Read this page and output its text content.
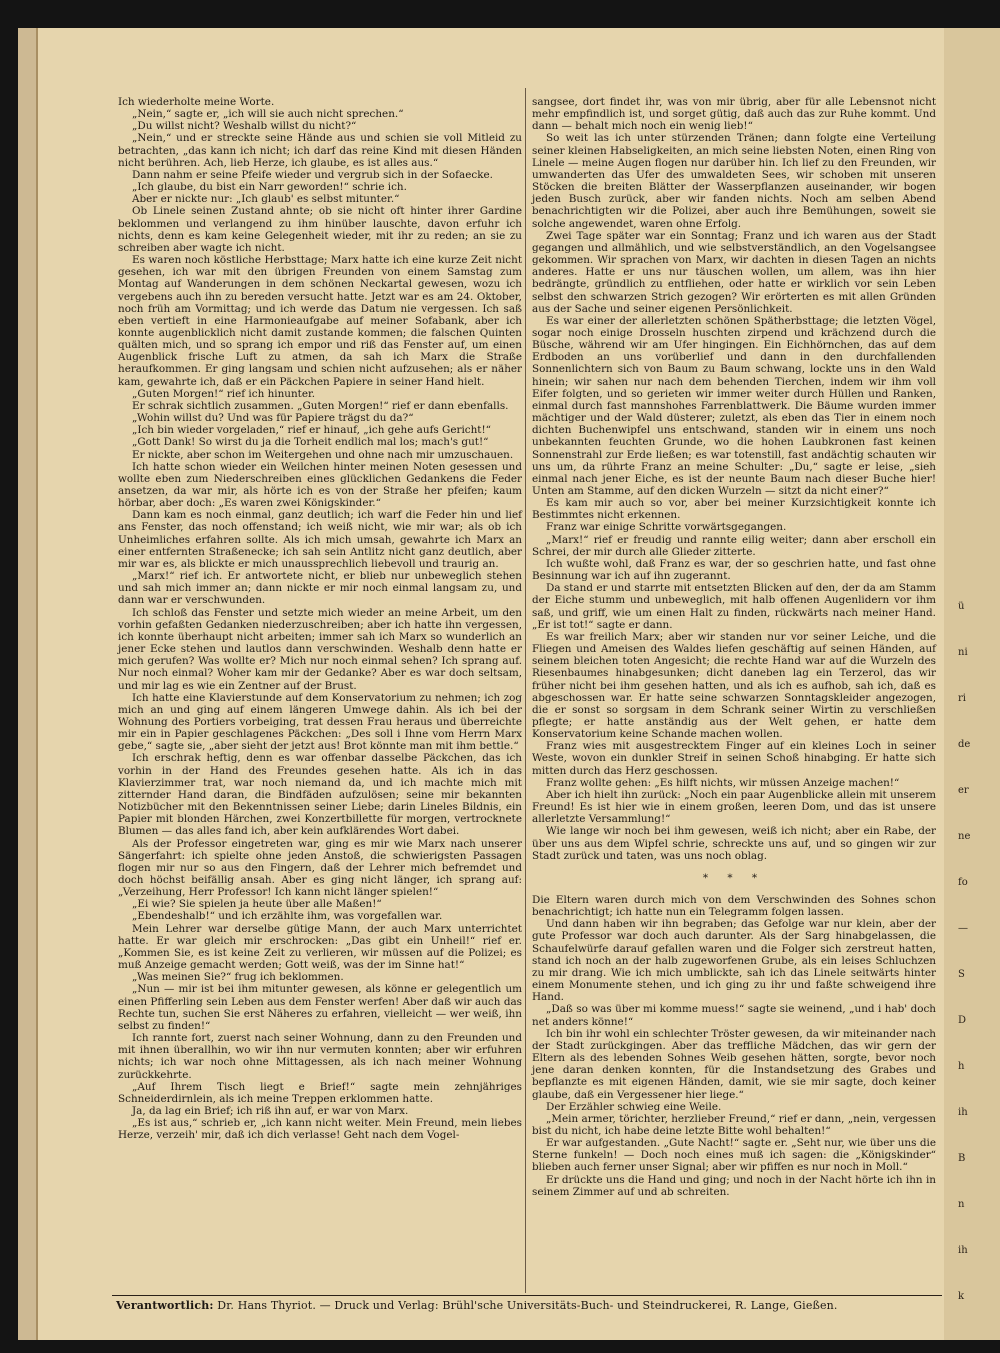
Ich wiederholte meine Worte.

„Nein,“ sagte er, „ich will sie auch nicht sprechen.“

„Du willst nicht? Weshalb willst du nicht?“

„Nein,“ und er streckte seine Hände aus und schien sie voll Mitleid zu betrachten, „das kann ich nicht; ich darf das reine Kind mit diesen Händen nicht berühren. Ach, lieb Herze, ich glaube, es ist alles aus.“

Dann nahm er seine Pfeife wieder und vergrub sich in der Sofaecke.

„Ich glaube, du bist ein Narr geworden!“ schrie ich.

Aber er nickte nur: „Ich glaub' es selbst mitunter.“

Ob Linele seinen Zustand ahnte; ob sie nicht oft hinter ihrer Gardine beklommen und verlangend zu ihm hinüber lauschte, davon erfuhr ich nichts, denn es kam keine Gelegenheit wieder, mit ihr zu reden; an sie zu schreiben aber wagte ich nicht.

Es waren noch köstliche Herbsttage; Marx hatte ich eine kurze Zeit nicht gesehen, ich war mit den übrigen Freunden von einem Samstag zum Montag auf Wanderungen in dem schönen Neckartal gewesen, wozu ich vergebens auch ihn zu bereden versucht hatte. Jetzt war es am 24. Oktober, noch früh am Vormittag; und ich werde das Datum nie vergessen. Ich saß eben vertieft in eine Harmonieaufgabe auf meiner Sofabank, aber ich konnte augenblicklich nicht damit zustande kommen; die falschen Quinten quälten mich, und so sprang ich empor und riß das Fenster auf, um einen Augenblick frische Luft zu atmen, da sah ich Marx die Straße heraufkommen. Er ging langsam und schien nicht aufzusehen; als er näher kam, gewahrte ich, daß er ein Päckchen Papiere in seiner Hand hielt.

„Guten Morgen!“ rief ich hinunter.

Er schrak sichtlich zusammen. „Guten Morgen!“ rief er dann ebenfalls.

„Wohin willst du? Und was für Papiere trägst du da?“

„Ich bin wieder vorgeladen,“ rief er hinauf, „ich gehe aufs Gericht!“

„Gott Dank! So wirst du ja die Torheit endlich mal los; mach's gut!“

Er nickte, aber schon im Weitergehen und ohne nach mir umzuschauen.

Ich hatte schon wieder ein Weilchen hinter meinen Noten gesessen und wollte eben zum Niederschreiben eines glücklichen Gedankens die Feder ansetzen, da war mir, als hörte ich es von der Straße her pfeifen; kaum hörbar, aber doch: „Es waren zwei Königskinder.“

Dann kam es noch einmal, ganz deutlich; ich warf die Feder hin und lief ans Fenster, das noch offenstand; ich weiß nicht, wie mir war; als ob ich Unheimliches erfahren sollte. Als ich mich umsah, gewahrte ich Marx an einer entfernten Straßenecke; ich sah sein Antlitz nicht ganz deutlich, aber mir war es, als blickte er mich unaussprechlich liebevoll und traurig an.

„Marx!“ rief ich. Er antwortete nicht, er blieb nur unbeweglich stehen und sah mich immer an; dann nickte er mir noch einmal langsam zu, und dann war er verschwunden.

Ich schloß das Fenster und setzte mich wieder an meine Arbeit, um den vorhin gefaßten Gedanken niederzuschreiben; aber ich hatte ihn vergessen, ich konnte überhaupt nicht arbeiten; immer sah ich Marx so wunderlich an jener Ecke stehen und lautlos dann verschwinden. Weshalb denn hatte er mich gerufen? Was wollte er? Mich nur noch einmal sehen? Ich sprang auf. Nur noch einmal? Woher kam mir der Gedanke? Aber es war doch seltsam, und mir lag es wie ein Zentner auf der Brust.

Ich hatte eine Klavierstunde auf dem Konservatorium zu nehmen; ich zog mich an und ging auf einem längeren Umwege dahin. Als ich bei der Wohnung des Portiers vorbeiging, trat dessen Frau heraus und überreichte mir ein in Papier geschlagenes Päckchen: „Des soll i Ihne vom Herrn Marx gebe,“ sagte sie, „aber sieht der jetzt aus! Brot könnte man mit ihm bettle.“

Ich erschrak heftig, denn es war offenbar dasselbe Päckchen, das ich vorhin in der Hand des Freundes gesehen hatte. Als ich in das Klavierzimmer trat, war noch niemand da, und ich machte mich mit zitternder Hand daran, die Bindfäden aufzulösen; seine mir bekannten Notizbücher mit den Bekenntnissen seiner Liebe; darin Lineles Bildnis, ein Papier mit blonden Härchen, zwei Konzertbillette für morgen, vertrocknete Blumen — das alles fand ich, aber kein aufklärendes Wort dabei.

Als der Professor eingetreten war, ging es mir wie Marx nach unserer Sängerfahrt: ich spielte ohne jeden Anstoß, die schwierigsten Passagen flogen mir nur so aus den Fingern, daß der Lehrer mich befremdet und doch höchst beifällig ansah. Aber es ging nicht länger, ich sprang auf: „Verzeihung, Herr Professor! Ich kann nicht länger spielen!“

„Ei wie? Sie spielen ja heute über alle Maßen!“

„Ebendeshalb!“ und ich erzählte ihm, was vorgefallen war.

Mein Lehrer war derselbe gütige Mann, der auch Marx unterrichtet hatte. Er war gleich mir erschrocken: „Das gibt ein Unheil!“ rief er. „Kommen Sie, es ist keine Zeit zu verlieren, wir müssen auf die Polizei; es muß Anzeige gemacht werden; Gott weiß, was der im Sinne hat!“

„Was meinen Sie?“ frug ich beklommen.

„Nun — mir ist bei ihm mitunter gewesen, als könne er gelegentlich um einen Pfifferling sein Leben aus dem Fenster werfen! Aber daß wir auch das Rechte tun, suchen Sie erst Näheres zu erfahren, vielleicht — wer weiß, ihn selbst zu finden!“

Ich rannte fort, zuerst nach seiner Wohnung, dann zu den Freunden und mit ihnen überallhin, wo wir ihn nur vermuten konnten; aber wir erfuhren nichts; ich war noch ohne Mittagessen, als ich nach meiner Wohnung zurückkehrte.

„Auf Ihrem Tisch liegt e Brief!“ sagte mein zehnjähriges Schneiderdirnlein, als ich meine Treppen erklommen hatte.

Ja, da lag ein Brief; ich riß ihn auf, er war von Marx.

„Es ist aus,“ schrieb er, „ich kann nicht weiter. Mein Freund, mein liebes Herze, verzeih' mir, daß ich dich verlasse! Geht nach dem Vogel-

sangsee, dort findet ihr, was von mir übrig, aber für alle Lebensnot nicht mehr empfindlich ist, und sorget gütig, daß auch das zur Ruhe kommt. Und dann — behalt mich noch ein wenig lieb!“

So weit las ich unter stürzenden Tränen; dann folgte eine Verteilung seiner kleinen Habseligkeiten, an mich seine liebsten Noten, einen Ring von Linele — meine Augen flogen nur darüber hin. Ich lief zu den Freunden, wir umwanderten das Ufer des umwaldeten Sees, wir schoben mit unseren Stöcken die breiten Blätter der Wasserpflanzen auseinander, wir bogen jeden Busch zurück, aber wir fanden nichts. Noch am selben Abend benachrichtigten wir die Polizei, aber auch ihre Bemühungen, soweit sie solche angewendet, waren ohne Erfolg.

Zwei Tage später war ein Sonntag; Franz und ich waren aus der Stadt gegangen und allmählich, und wie selbstverständlich, an den Vogelsangsee gekommen. Wir sprachen von Marx, wir dachten in diesen Tagen an nichts anderes. Hatte er uns nur täuschen wollen, um allem, was ihn hier bedrängte, gründlich zu entfliehen, oder hatte er wirklich vor sein Leben selbst den schwarzen Strich gezogen? Wir erörterten es mit allen Gründen aus der Sache und seiner eigenen Persönlichkeit.

Es war einer der allerletzten schönen Spätherbsttage; die letzten Vögel, sogar noch einige Drosseln huschten zirpend und krächzend durch die Büsche, während wir am Ufer hingingen. Ein Eichhörnchen, das auf dem Erdboden an uns vorüberlief und dann in den durchfallenden Sonnenlichtern sich von Baum zu Baum schwang, lockte uns in den Wald hinein; wir sahen nur nach dem behenden Tierchen, indem wir ihm voll Eifer folgten, und so gerieten wir immer weiter durch Hüllen und Ranken, einmal durch fast mannshohes Farrenblattwerk. Die Bäume wurden immer mächtiger und der Wald düsterer; zuletzt, als eben das Tier in einem noch dichten Buchenwipfel uns entschwand, standen wir in einem uns noch unbekannten feuchten Grunde, wo die hohen Laubkronen fast keinen Sonnenstrahl zur Erde ließen; es war totenstill, fast andächtig schauten wir uns um, da rührte Franz an meine Schulter: „Du,“ sagte er leise, „sieh einmal nach jener Eiche, es ist der neunte Baum nach dieser Buche hier! Unten am Stamme, auf den dicken Wurzeln — sitzt da nicht einer?“

Es kam mir auch so vor, aber bei meiner Kurzsichtigkeit konnte ich Bestimmtes nicht erkennen.

Franz war einige Schritte vorwärtsgegangen.

„Marx!“ rief er freudig und rannte eilig weiter; dann aber erscholl ein Schrei, der mir durch alle Glieder zitterte.

Ich wußte wohl, daß Franz es war, der so geschrien hatte, und fast ohne Besinnung war ich auf ihn zugerannt.

Da stand er und starrte mit entsetzten Blicken auf den, der da am Stamm der Eiche stumm und unbeweglich, mit halb offenen Augenlidern vor ihm saß, und griff, wie um einen Halt zu finden, rückwärts nach meiner Hand. „Er ist tot!“ sagte er dann.

Es war freilich Marx; aber wir standen nur vor seiner Leiche, und die Fliegen und Ameisen des Waldes liefen geschäftig auf seinen Händen, auf seinem bleichen toten Angesicht; die rechte Hand war auf die Wurzeln des Riesenbaumes hinabgesunken; dicht daneben lag ein Terzerol, das wir früher nicht bei ihm gesehen hatten, und als ich es aufhob, sah ich, daß es abgeschossen war. Er hatte seine schwarzen Sonntagskleider angezogen, die er sonst so sorgsam in dem Schrank seiner Wirtin zu verschließen pflegte; er hatte anständig aus der Welt gehen, er hatte dem Konservatorium keine Schande machen wollen.

Franz wies mit ausgestrecktem Finger auf ein kleines Loch in seiner Weste, wovon ein dunkler Streif in seinen Schoß hinabging. Er hatte sich mitten durch das Herz geschossen.

Franz wollte gehen: „Es hilft nichts, wir müssen Anzeige machen!“

Aber ich hielt ihn zurück: „Noch ein paar Augenblicke allein mit unserem Freund! Es ist hier wie in einem großen, leeren Dom, und das ist unsere allerletzte Versammlung!“

Wie lange wir noch bei ihm gewesen, weiß ich nicht; aber ein Rabe, der über uns aus dem Wipfel schrie, schreckte uns auf, und so gingen wir zur Stadt zurück und taten, was uns noch oblag.

* * *

Die Eltern waren durch mich von dem Verschwinden des Sohnes schon benachrichtigt; ich hatte nun ein Telegramm folgen lassen.

Und dann haben wir ihn begraben; das Gefolge war nur klein, aber der gute Professor war doch auch darunter. Als der Sarg hinabgelassen, die Schaufelwürfe darauf gefallen waren und die Folger sich zerstreut hatten, stand ich noch an der halb zugeworfenen Grube, als ein leises Schluchzen zu mir drang. Wie ich mich umblickte, sah ich das Linele seitwärts hinter einem Monumente stehen, und ich ging zu ihr und faßte schweigend ihre Hand.

„Daß so was über mi komme muess!“ sagte sie weinend, „und i hab' doch net anders könne!“

Ich bin ihr wohl ein schlechter Tröster gewesen, da wir miteinander nach der Stadt zurückgingen. Aber das treffliche Mädchen, das wir gern der Eltern als des lebenden Sohnes Weib gesehen hätten, sorgte, bevor noch jene daran denken konnten, für die Instandsetzung des Grabes und bepflanzte es mit eigenen Händen, damit, wie sie mir sagte, doch keiner glaube, daß ein Vergessener hier liege.“

Der Erzähler schwieg eine Weile.

„Mein armer, törichter, herzlieber Freund,“ rief er dann, „nein, vergessen bist du nicht, ich habe deine letzte Bitte wohl behalten!“

Er war aufgestanden. „Gute Nacht!“ sagte er. „Seht nur, wie über uns die Sterne funkeln! — Doch noch eines muß ich sagen: die „Königskinder“ blieben auch ferner unser Signal; aber wir pfiffen es nur noch in Moll.“

Er drückte uns die Hand und ging; und noch in der Nacht hörte ich ihn in seinem Zimmer auf und ab schreiten.

ü
ni
ri
de
er
ne
fo
—
S
D
h
ih
B
n
ih
k
Verantwortlich: Dr. Hans Thyriot. — Druck und Verlag: Brühl'sche Universitäts-Buch- und Steindruckerei, R. Lange, Gießen.
